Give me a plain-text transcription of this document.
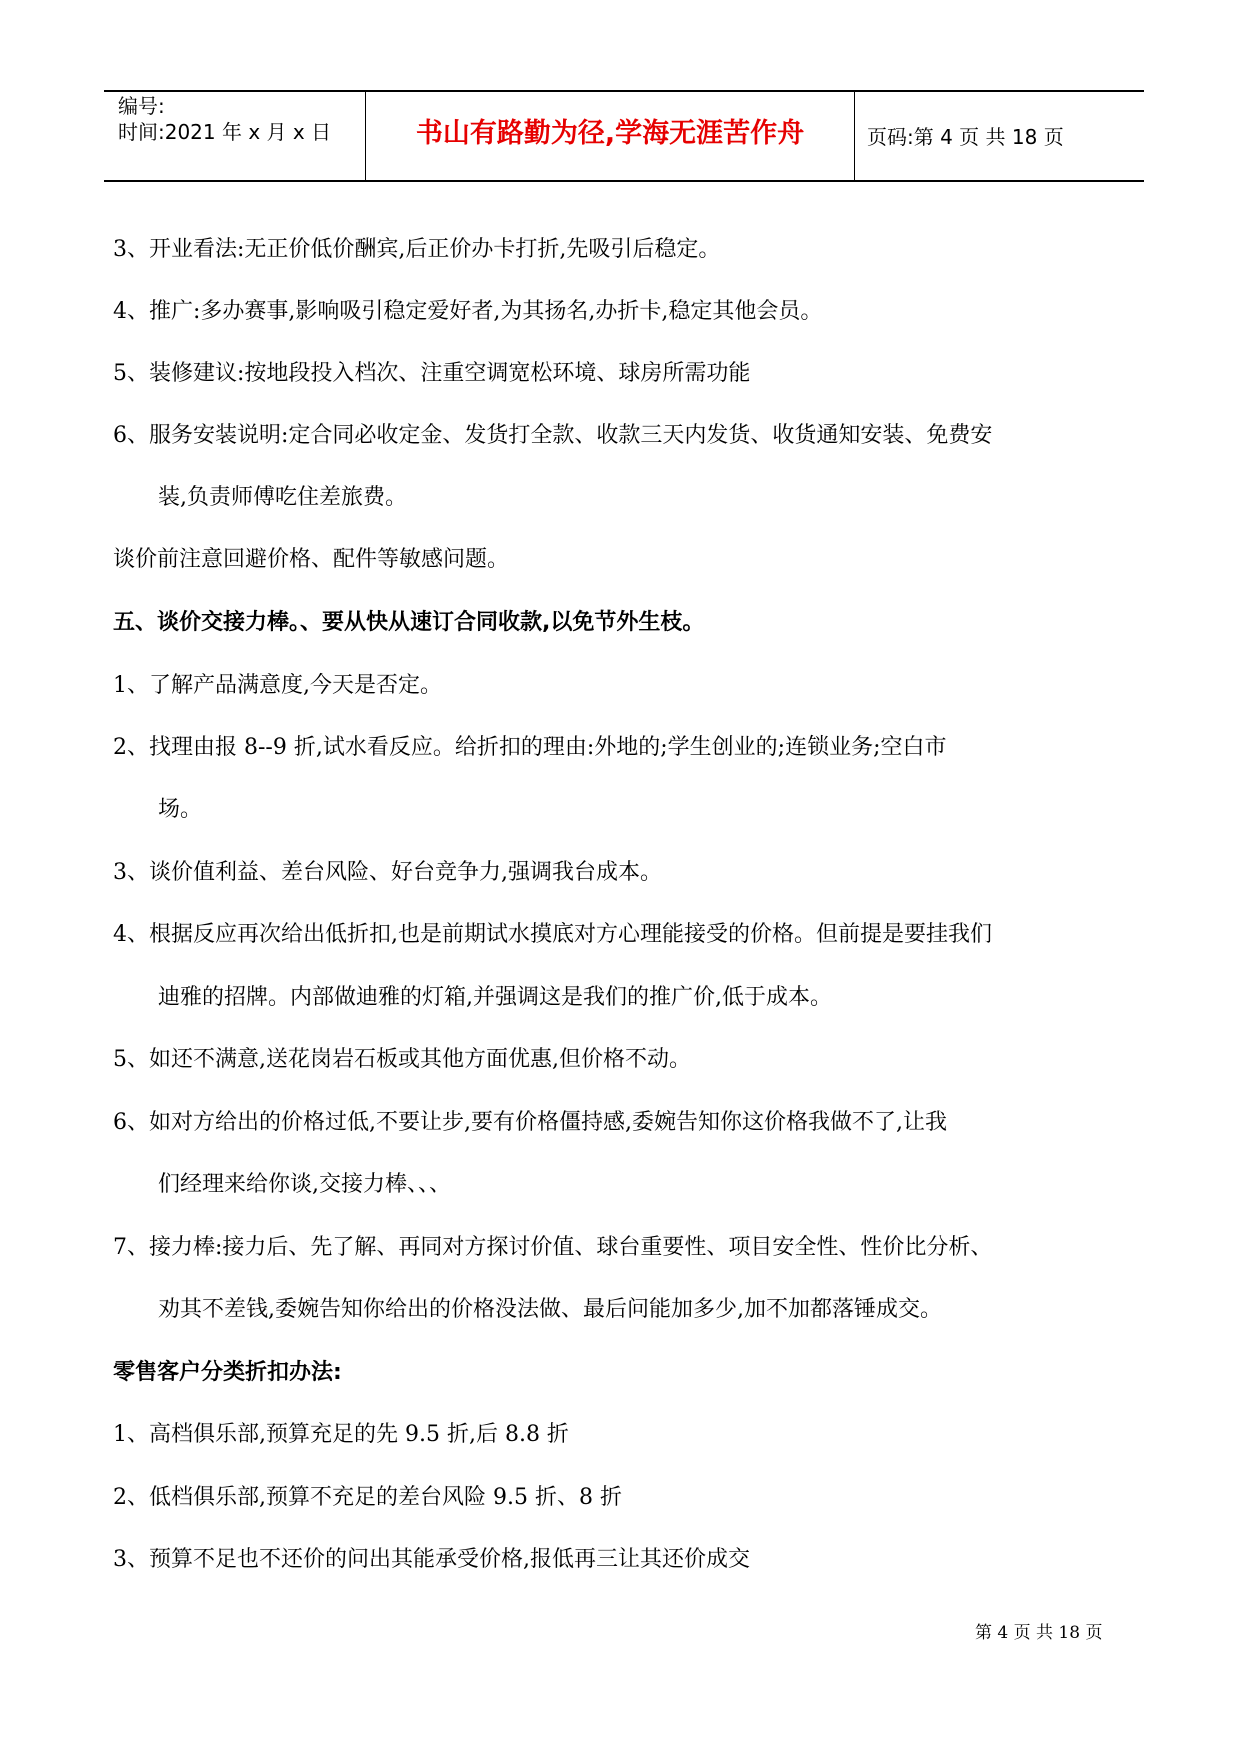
编号:
时间:2021 年 x 月 x 日	书山有路勤为径,学海无涯苦作舟	页码:第 4 页 共 18 页
3、开业看法:无正价低价酬宾,后正价办卡打折,先吸引后稳定。
4、推广:多办赛事,影响吸引稳定爱好者,为其扬名,办折卡,稳定其他会员。
5、装修建议:按地段投入档次、注重空调宽松环境、球房所需功能
6、服务安装说明:定合同必收定金、发货打全款、收款三天内发货、收货通知安装、免费安
装,负责师傅吃住差旅费。
谈价前注意回避价格、配件等敏感问题。
五、谈价交接力棒。、要从快从速订合同收款,以免节外生枝。
1、了解产品满意度,今天是否定。
2、找理由报 8--9 折,试水看反应。给折扣的理由:外地的;学生创业的;连锁业务;空白市
场。
3、谈价值利益、差台风险、好台竞争力,强调我台成本。
4、根据反应再次给出低折扣,也是前期试水摸底对方心理能接受的价格。但前提是要挂我们
迪雅的招牌。内部做迪雅的灯箱,并强调这是我们的推广价,低于成本。
5、如还不满意,送花岗岩石板或其他方面优惠,但价格不动。
6、如对方给出的价格过低,不要让步,要有价格僵持感,委婉告知你这价格我做不了,让我
们经理来给你谈,交接力棒、、、
7、接力棒:接力后、先了解、再同对方探讨价值、球台重要性、项目安全性、性价比分析、
劝其不差钱,委婉告知你给出的价格没法做、最后问能加多少,加不加都落锤成交。
零售客户分类折扣办法:
1、高档俱乐部,预算充足的先 9.5 折,后 8.8 折
2、低档俱乐部,预算不充足的差台风险 9.5 折、8 折
3、预算不足也不还价的问出其能承受价格,报低再三让其还价成交
第 4 页 共 18 页
